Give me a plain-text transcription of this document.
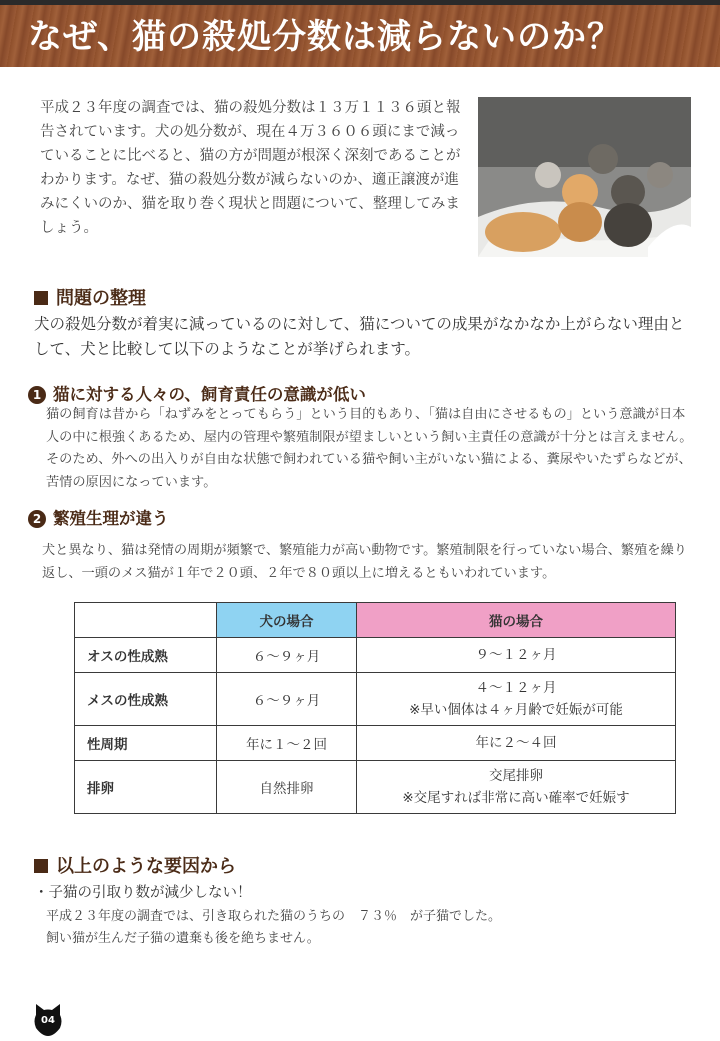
なぜ、猫の殺処分数は減らないのか？

平成２３年度の調査では、猫の殺処分数は１３万１１３６頭と報告されています。犬の処分数が、現在４万３６０６頭にまで減っていることに比べると、猫の方が問題が根深く深刻であることがわかります。なぜ、猫の殺処分数が減らないのか、適正譲渡が進みにくいのか、猫を取り巻く現状と問題について、整理してみましょう。

問題の整理

犬の殺処分数が着実に減っているのに対して、猫についての成果がなかなか上がらない理由として、犬と比較して以下のようなことが挙げられます。

1 猫に対する人々の、飼育責任の意識が低い

猫の飼育は昔から「ねずみをとってもらう」という目的もあり、「猫は自由にさせるもの」という意識が日本人の中に根強くあるため、屋内の管理や繁殖制限が望ましいという飼い主責任の意識が十分とは言えません。そのため、外への出入りが自由な状態で飼われている猫や飼い主がいない猫による、糞尿やいたずらなどが、苦情の原因になっています。

2 繁殖生理が違う

犬と異なり、猫は発情の周期が頻繁で、繁殖能力が高い動物です。繁殖制限を行っていない場合、繁殖を繰り返し、一頭のメス猫が１年で２０頭、２年で８０頭以上に増えるともいわれています。

	犬の場合	猫の場合
オスの性成熟	６〜９ヶ月	９〜１２ヶ月

メスの性成熟	６〜９ヶ月	４〜１２ヶ月
※早い個体は４ヶ月齢で妊娠が可能

性周期	年に１〜２回	年に２〜４回

排卵	自然排卵	交尾排卵
※交尾すれば非常に高い確率で妊娠す
以上のような要因から

・子猫の引取り数が減少しない！

平成２３年度の調査では、引き取られた猫のうちの　７３％　が子猫でした。
飼い猫が生んだ子猫の遺棄も後を絶ちません。

04
